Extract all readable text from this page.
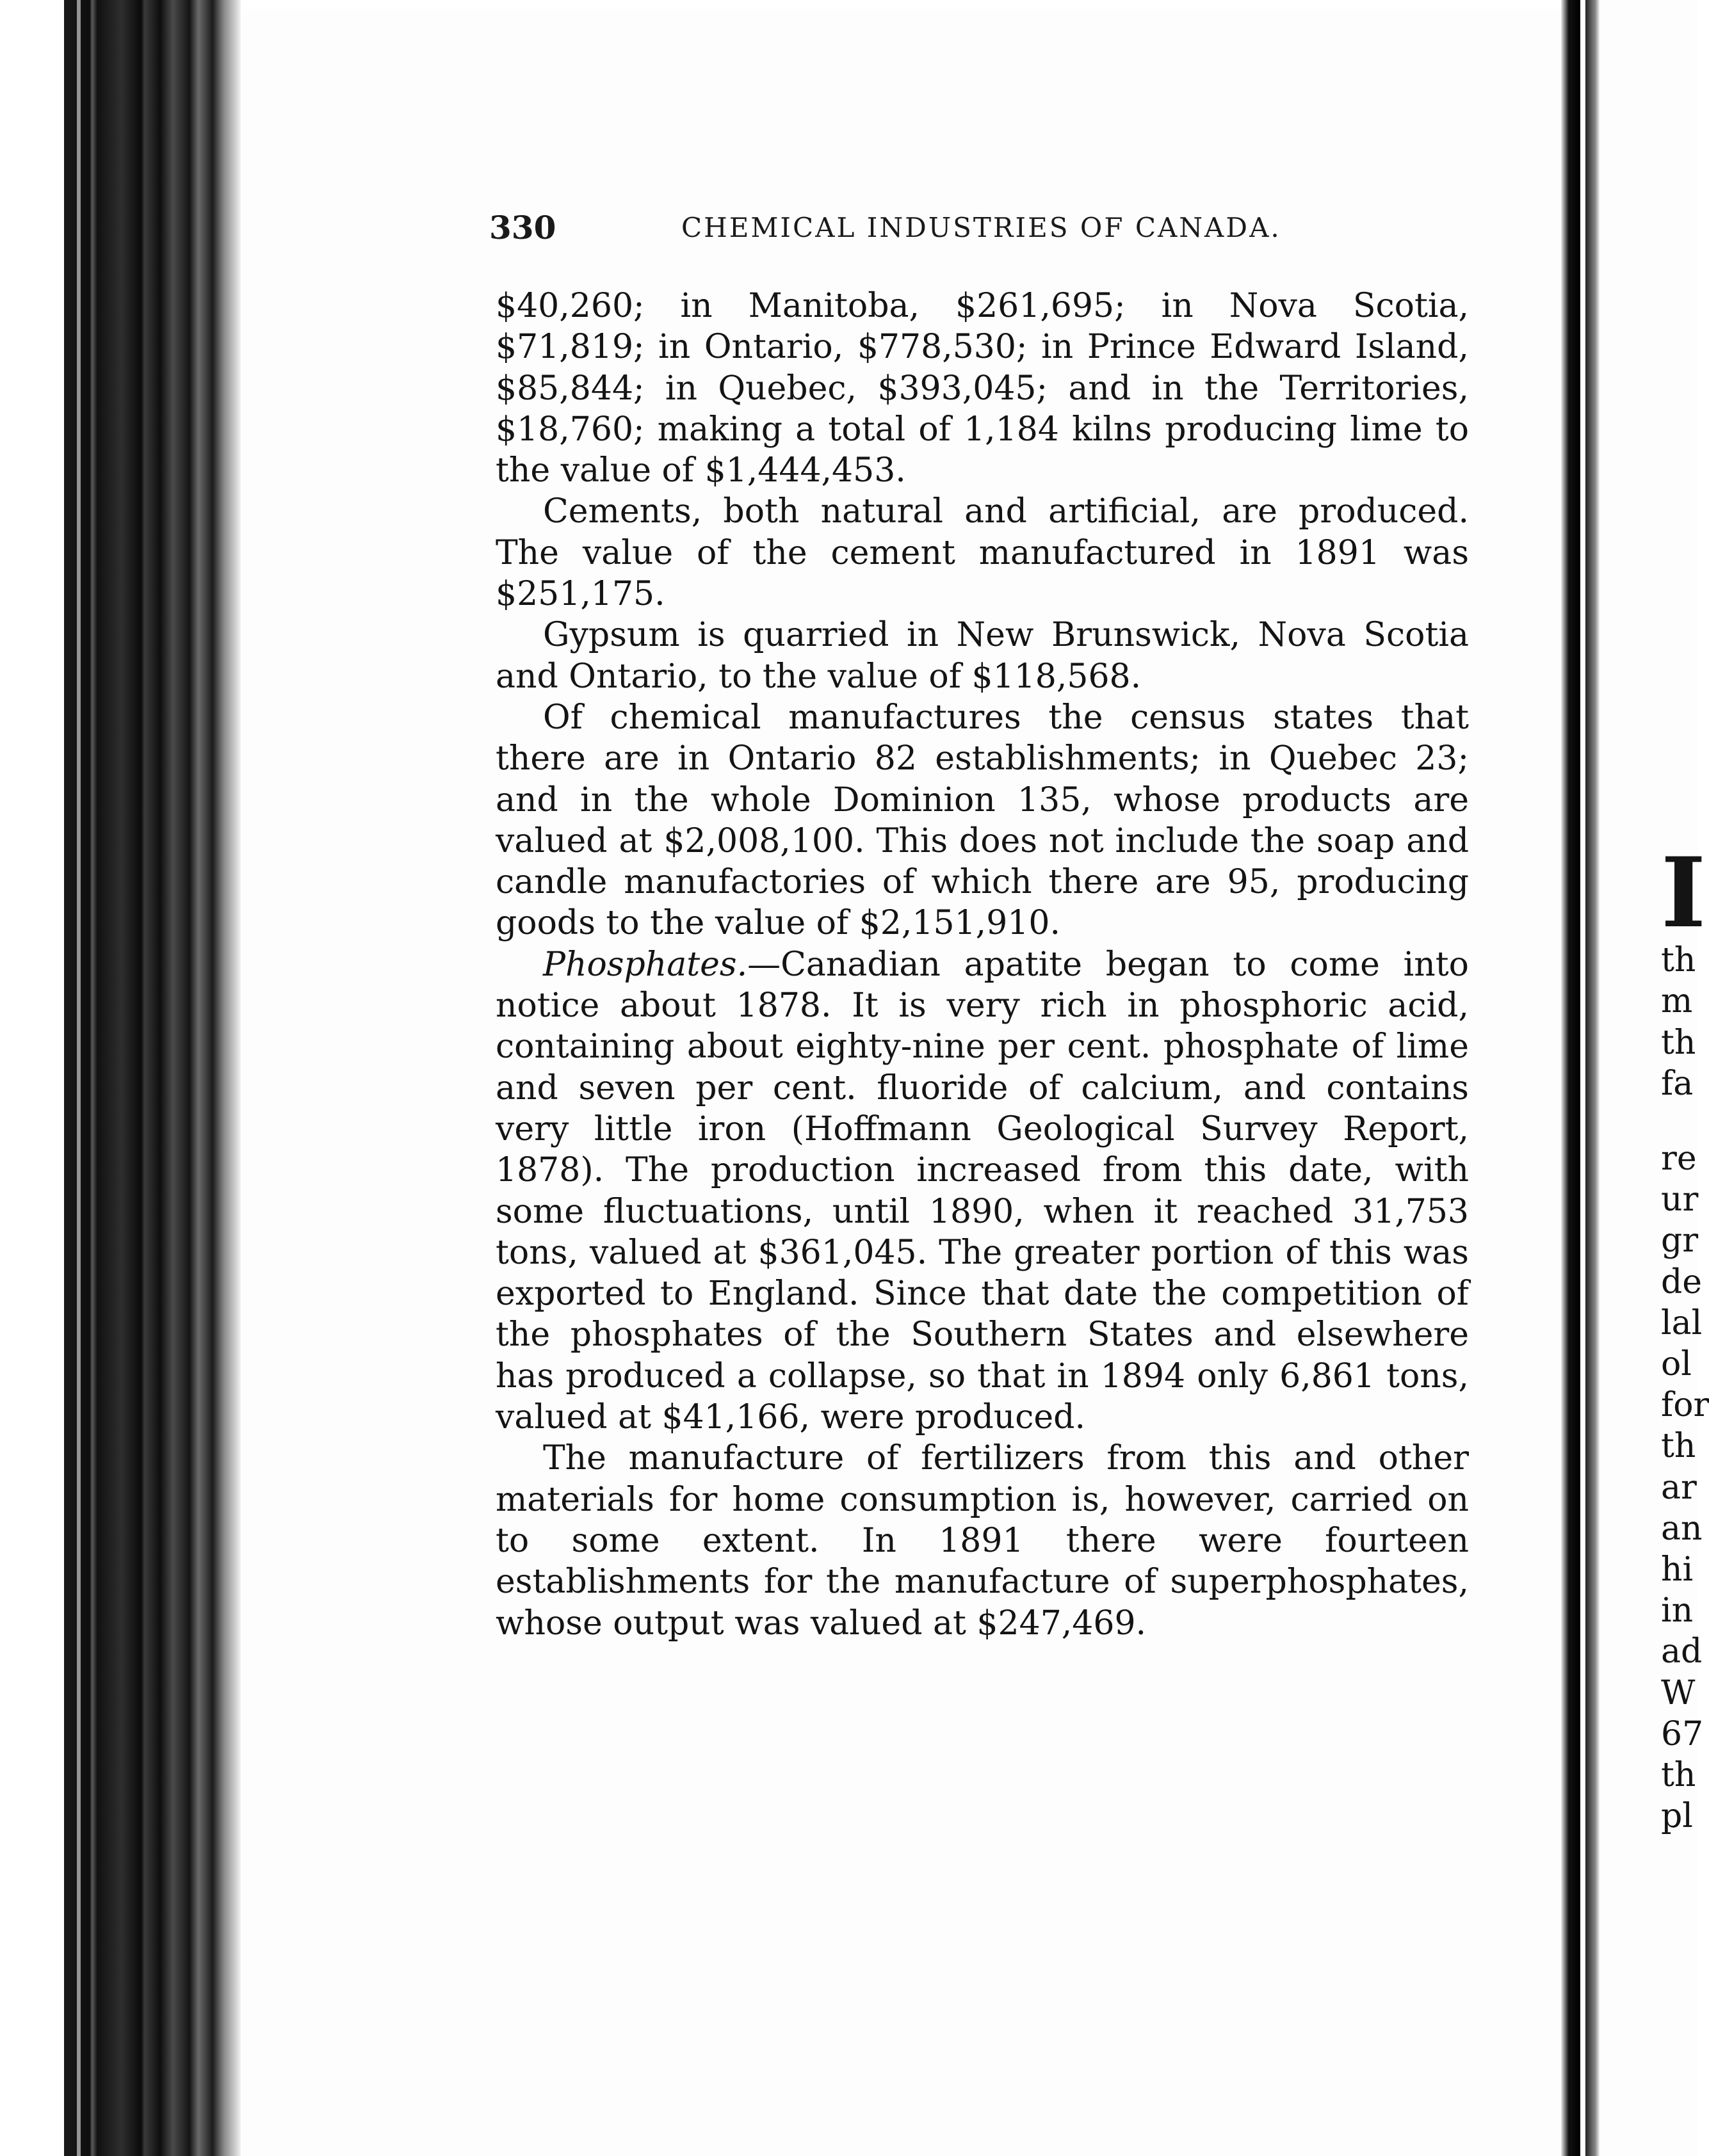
330	CHEMICAL INDUSTRIES OF CANADA.

$40,260; in Manitoba, $261,695; in Nova Scotia, $71,819; in Ontario, $778,530; in Prince Edward Island, $85,844; in Quebec, $393,045; and in the Territories, $18,760; making a total of 1,184 kilns producing lime to the value of $1,444,453.

Cements, both natural and artificial, are produced. The value of the cement manufactured in 1891 was $251,175.

Gypsum is quarried in New Brunswick, Nova Scotia and Ontario, to the value of $118,568.

Of chemical manufactures the census states that there are in Ontario 82 establishments; in Quebec 23; and in the whole Dominion 135, whose products are valued at $2,008,100. This does not include the soap and candle manufactories of which there are 95, producing goods to the value of $2,151,910.

Phosphates.—Canadian apatite began to come into notice about 1878. It is very rich in phosphoric acid, containing about eighty-nine per cent. phosphate of lime and seven per cent. fluoride of calcium, and contains very little iron (Hoffmann Geological Survey Report, 1878). The production increased from this date, with some fluctuations, until 1890, when it reached 31,753 tons, valued at $361,045. The greater portion of this was exported to England. Since that date the competition of the phosphates of the Southern States and elsewhere has produced a collapse, so that in 1894 only 6,861 tons, valued at $41,166, were produced.

The manufacture of fertilizers from this and other materials for home consumption is, however, carried on to some extent. In 1891 there were fourteen establishments for the manufacture of superphosphates, whose output was valued at $247,469.

I
th
m
th
fa
re
ur
gr
de
lal
ol
for
th
ar
an
hi
in
ad
W
67
th
pl
